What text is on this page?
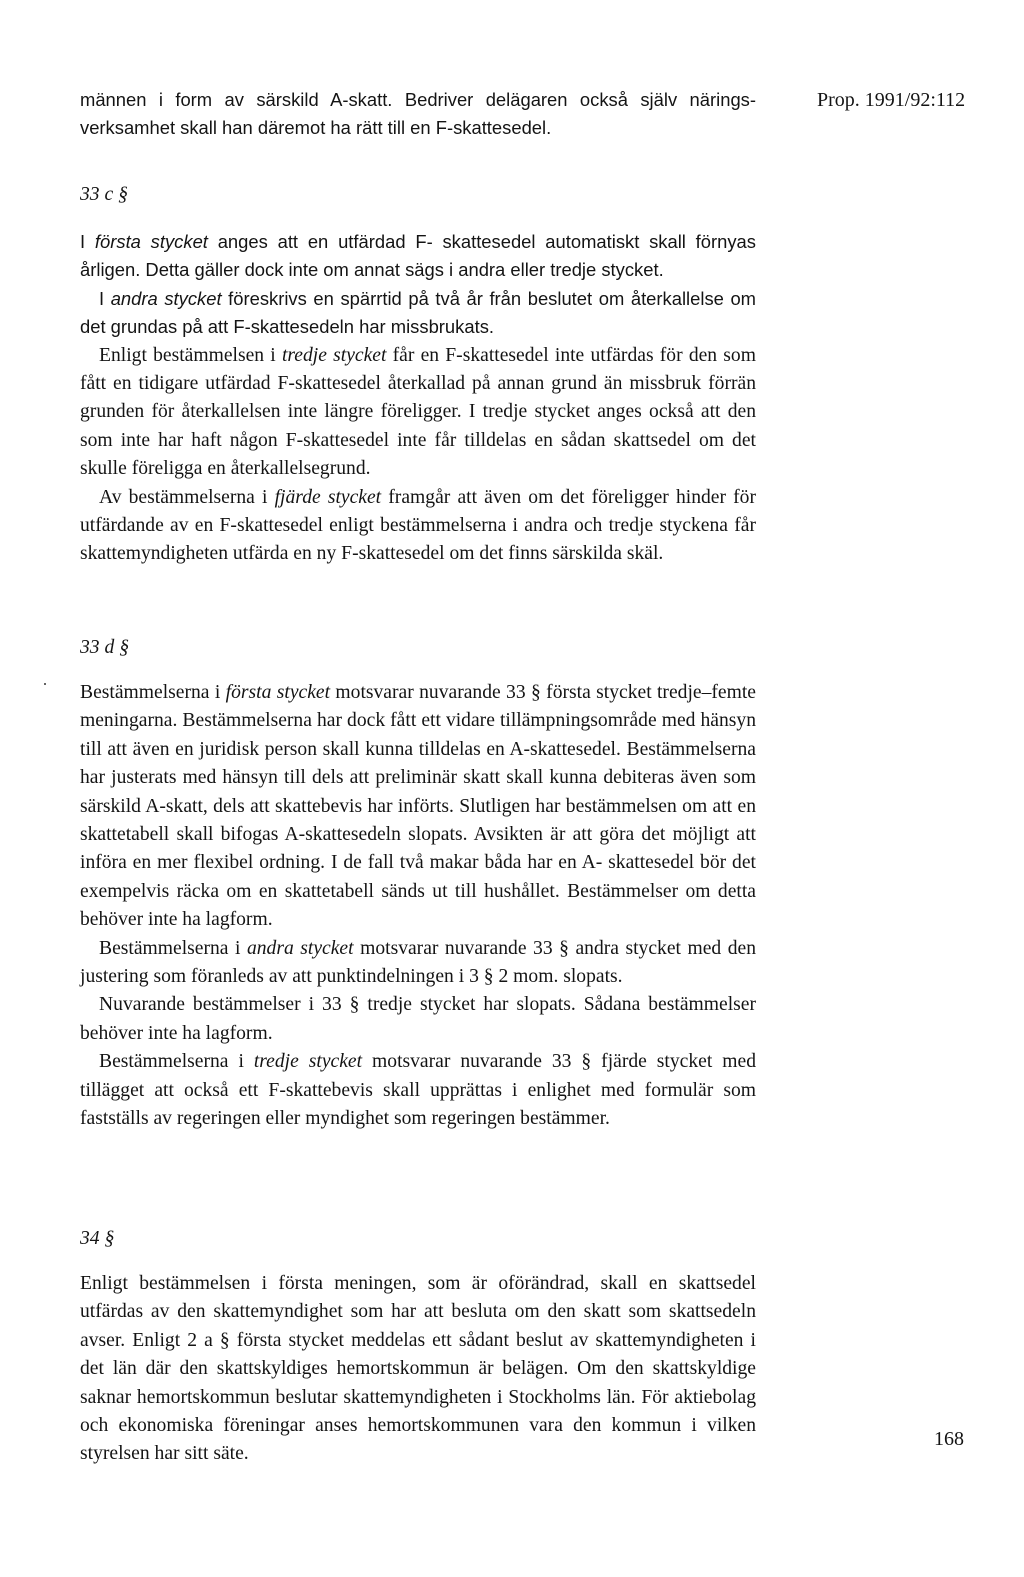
männen i form av särskild A-skatt. Bedriver delägaren också själv näringsverksamhet skall han däremot ha rätt till en F-skattesedel.

Prop. 1991/92:112
33 c §

I första stycket anges att en utfärdad F- skattesedel automatiskt skall förnyas årligen. Detta gäller dock inte om annat sägs i andra eller tredje stycket.

I andra stycket föreskrivs en spärrtid på två år från beslutet om återkallelse om det grundas på att F-skattesedeln har missbrukats.

Enligt bestämmelsen i tredje stycket får en F-skattesedel inte utfärdas för den som fått en tidigare utfärdad F-skattesedel återkallad på annan grund än missbruk förrän grunden för återkallelsen inte längre föreligger. I tredje stycket anges också att den som inte har haft någon F-skattesedel inte får tilldelas en sådan skattsedel om det skulle föreligga en återkallelsegrund.

Av bestämmelserna i fjärde stycket framgår att även om det föreligger hinder för utfärdande av en F-skattesedel enligt bestämmelserna i andra och tredje styckena får skattemyndigheten utfärda en ny F-skattesedel om det finns särskilda skäl.

33 d §

Bestämmelserna i första stycket motsvarar nuvarande 33 § första stycket tredje–femte meningarna. Bestämmelserna har dock fått ett vidare tillämpningsområde med hänsyn till att även en juridisk person skall kunna tilldelas en A-skattesedel. Bestämmelserna har justerats med hänsyn till dels att preliminär skatt skall kunna debiteras även som särskild A-skatt, dels att skattebevis har införts. Slutligen har bestämmelsen om att en skattetabell skall bifogas A-skattesedeln slopats. Avsikten är att göra det möjligt att införa en mer flexibel ordning. I de fall två makar båda har en A- skattesedel bör det exempelvis räcka om en skattetabell sänds ut till hushållet. Bestämmelser om detta behöver inte ha lagform.

Bestämmelserna i andra stycket motsvarar nuvarande 33 § andra stycket med den justering som föranleds av att punktindelningen i 3 § 2 mom. slopats.

Nuvarande bestämmelser i 33 § tredje stycket har slopats. Sådana bestämmelser behöver inte ha lagform.

Bestämmelserna i tredje stycket motsvarar nuvarande 33 § fjärde stycket med tillägget att också ett F-skattebevis skall upprättas i enlighet med formulär som fastställs av regeringen eller myndighet som regeringen bestämmer.

34 §

Enligt bestämmelsen i första meningen, som är oförändrad, skall en skattsedel utfärdas av den skattemyndighet som har att besluta om den skatt som skattsedeln avser. Enligt 2 a § första stycket meddelas ett sådant beslut av skattemyndigheten i det län där den skattskyldiges hemortskommun är belägen. Om den skattskyldige saknar hemortskommun beslutar skattemyndigheten i Stockholms län. För aktiebolag och ekonomiska föreningar anses hemortskommunen vara den kommun i vilken styrelsen har sitt säte.

168
